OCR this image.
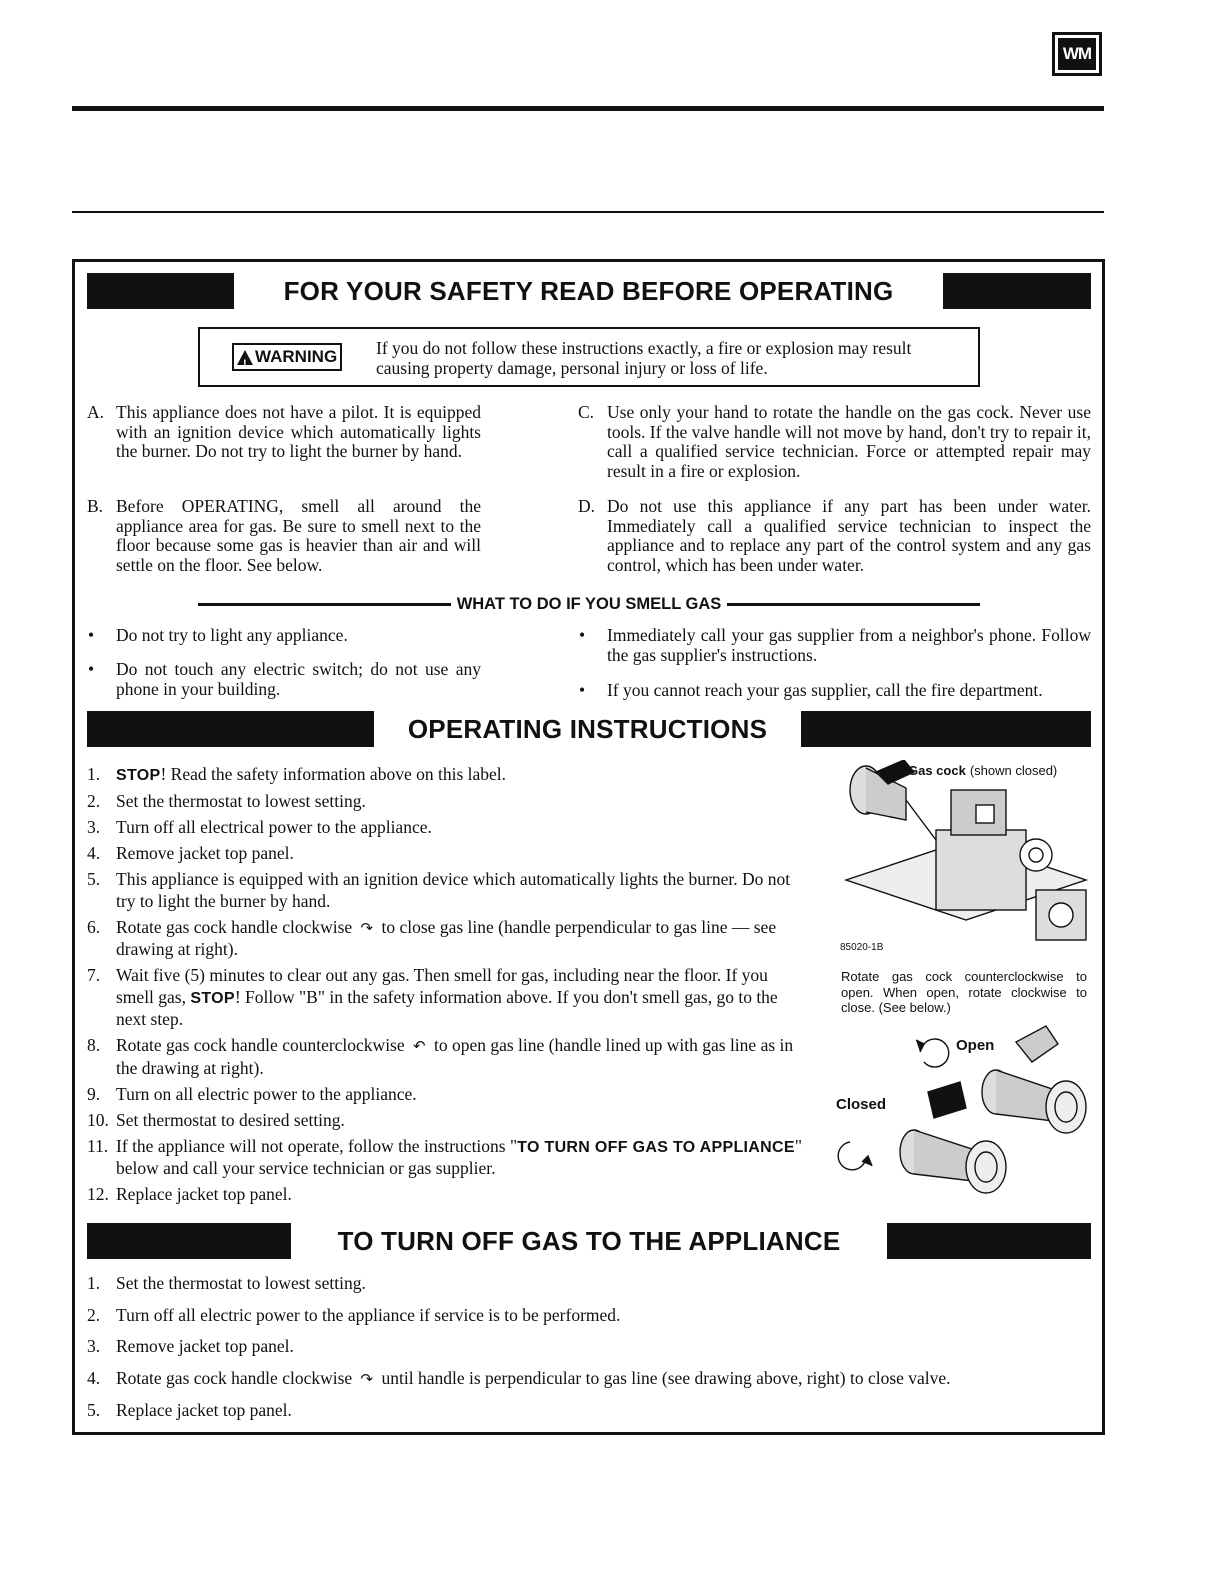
WM
FOR YOUR SAFETY READ BEFORE OPERATING
!
WARNING If you do not follow these instructions exactly, a fire or explosion may result causing property damage, personal injury or loss of life.
A. This appliance does not have a pilot. It is equipped with an ignition device which automatically lights the burner. Do not try to light the burner by hand.
B. Before OPERATING, smell all around the appliance area for gas. Be sure to smell next to the floor because some gas is heavier than air and will settle on the floor. See below.
C. Use only your hand to rotate the handle on the gas cock. Never use tools. If the valve handle will not move by hand, don't try to repair it, call a qualified service technician. Force or attempted repair may result in a fire or explosion.
D. Do not use this appliance if any part has been under water. Immediately call a qualified service technician to inspect the appliance and to replace any part of the control system and any gas control, which has been under water.
WHAT TO DO IF YOU SMELL GAS
• Do not try to light any appliance.
• Do not touch any electric switch; do not use any phone in your building.
• Immediately call your gas supplier from a neighbor's phone. Follow the gas supplier's instructions.
• If you cannot reach your gas supplier, call the fire department.
OPERATING INSTRUCTIONS
1. STOP! Read the safety information above on this label.
2. Set the thermostat to lowest setting.
3. Turn off all electrical power to the appliance.
4. Remove jacket top panel.
5. This appliance is equipped with an ignition device which automatically lights the burner. Do not try to light the burner by hand.
6. Rotate gas cock handle clockwise ↷ to close gas line (handle perpendicular to gas line — see drawing at right).
7. Wait five (5) minutes to clear out any gas. Then smell for gas, including near the floor. If you smell gas, STOP! Follow "B" in the safety information above. If you don't smell gas, go to the next step.
8. Rotate gas cock handle counterclockwise ↶ to open gas line (handle lined up with gas line as in the drawing at right).
9. Turn on all electric power to the appliance.
10. Set thermostat to desired setting.
11. If the appliance will not operate, follow the instructions "TO TURN OFF GAS TO APPLIANCE" below and call your service technician or gas supplier.
12. Replace jacket top panel.
Gas cock (shown closed)
85020-1B
Rotate gas cock counterclockwise to open. When open, rotate clockwise to close. (See below.)
Open
Closed
TO TURN OFF GAS TO THE APPLIANCE
1. Set the thermostat to lowest setting.
2. Turn off all electric power to the appliance if service is to be performed.
3. Remove jacket top panel.
4. Rotate gas cock handle clockwise ↷ until handle is perpendicular to gas line (see drawing above, right) to close valve.
5. Replace jacket top panel.
